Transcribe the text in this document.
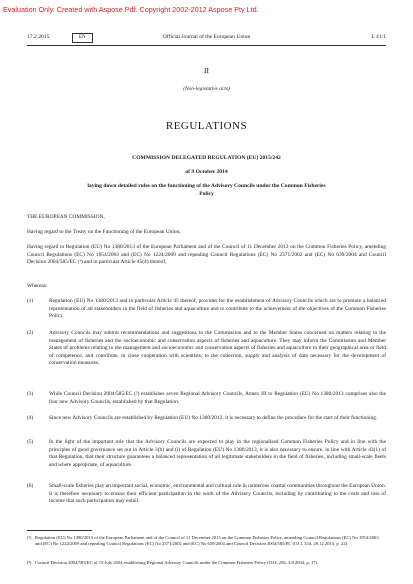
Evaluation Only. Created with Aspose.Pdf. Copyright 2002-2012 Aspose Pty Ltd.
17.2.2015	EN	Official Journal of the European Union	L 41/1
II
(Non-legislative acts)
REGULATIONS
COMMISSION DELEGATED REGULATION (EU) 2015/242
of 9 October 2014
laying down detailed rules on the functioning of the Advisory Councils under the Common Fisheries Policy
THE EUROPEAN COMMISSION,
Having regard to the Treaty on the Functioning of the European Union,
Having regard to Regulation (EU) No 1380/2013 of the European Parliament and of the Council of 11 December 2013 on the Common Fisheries Policy, amending Council Regulations (EC) No 1954/2003 and (EC) No 1224/2009 and repealing Council Regulations (EC) No 2371/2002 and (EC) No 639/2004 and Council Decision 2004/585/EC (¹) and in particular Article 45(4) thereof,
Whereas:
(1)	Regulation (EU) No 1380/2013 and in particular Article 45 thereof, provides for the establishment of Advisory Councils which are to promote a balanced representation of all stakeholders in the field of fisheries and aquaculture and to contribute to the achievement of the objectives of the Common Fisheries Policy.
(2)	Advisory Councils may submit recommendations and suggestions to the Commission and to the Member States concerned on matters relating to the management of fisheries and the socioeconomic and conservation aspects of fisheries and aquaculture. They may inform the Commission and Member States of problems relating to the management and socioeconomic and conservation aspects of fisheries and aquaculture in their geographical area or field of competence, and contribute, in close cooperation with scientists, to the collection, supply and analysis of data necessary for the development of conservation measures.
(3)	While Council Decision 2004/585/EC (²) establishes seven Regional Advisory Councils, Annex III to Regulation (EU) No 1380/2013 comprises also the four new Advisory Councils, established by that Regulation.
(4)	Since new Advisory Councils are established by Regulation (EU) No 1380/2013, it is necessary to define the procedure for the start of their functioning.
(5)	In the light of the important role that the Advisory Councils are expected to play in the regionalised Common Fisheries Policy and in line with the principles of good governance set out in Article 3(h) and (i) of Regulation (EU) No 1380/2013, it is also necessary to ensure, in line with Article 43(1) of that Regulation, that their structure guarantees a balanced representation of all legitimate stakeholders in the field of fisheries, including small-scale fleets and where appropriate, of aquaculture.
(6)	Small-scale fisheries play an important social, economic, environmental and cultural role in numerous coastal communities throughout the European Union. It is therefore necessary to ensure their efficient participation in the work of the Advisory Councils, including by contributing to the costs and loss of income that such participation may entail.
(¹) Regulation (EU) No 1380/2013 of the European Parliament and of the Council of 11 December 2013 on the Common Fisheries Policy, amending Council Regulations (EC) No 1954/2003 and (EC) No 1224/2009 and repealing Council Regulations (EC) No 2371/2002 and (EC) No 639/2004 and Council Decision 2004/585/EC (OJ L 354, 28.12.2013, p. 22).
(²) Council Decision 2004/585/EC of 19 July 2004 establishing Regional Advisory Councils under the Common Fisheries Policy (OJ L 256, 3.8.2004, p. 17).
